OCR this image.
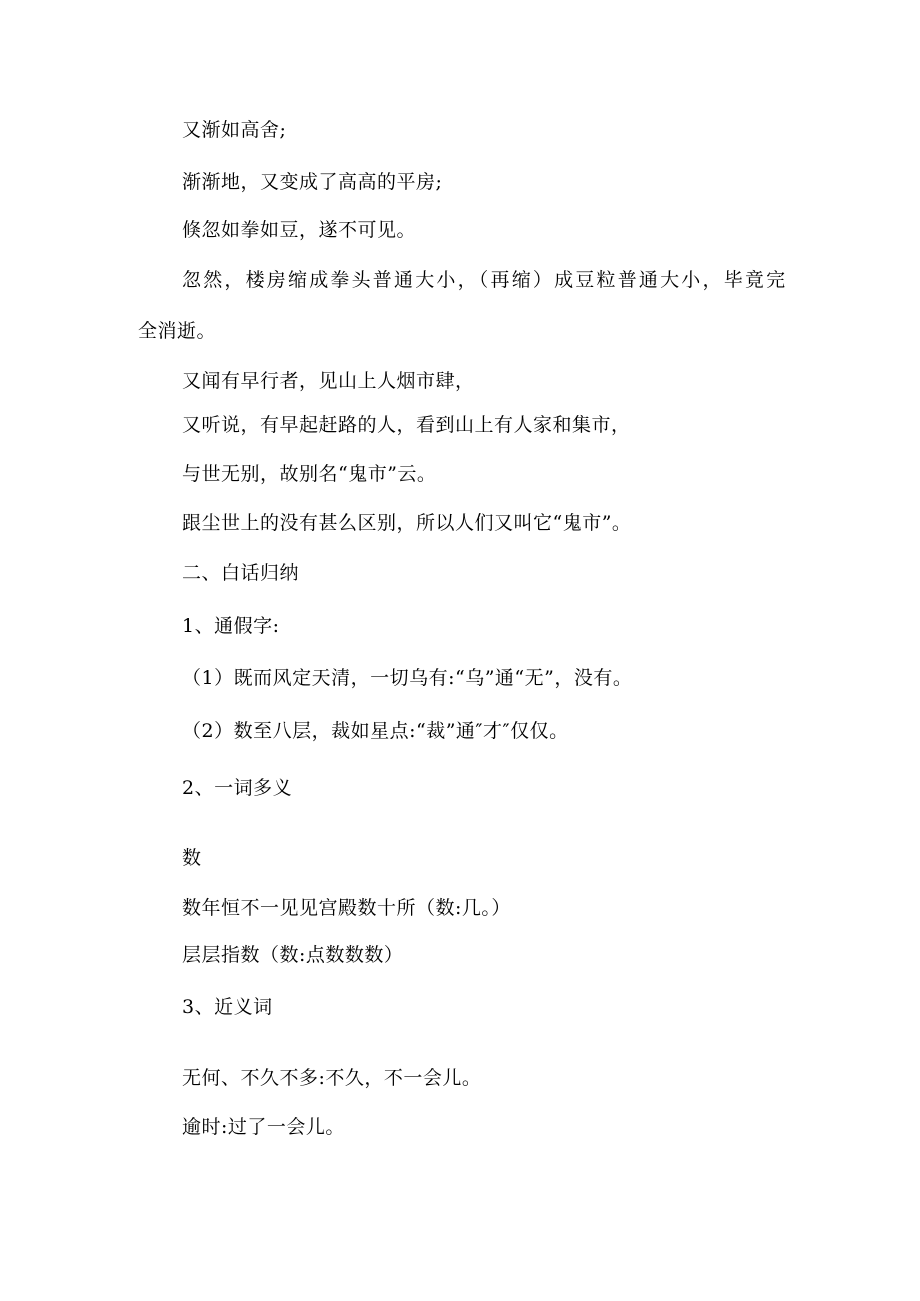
又渐如高舍;
渐渐地，又变成了高高的平房;
倏忽如拳如豆，遂不可见。
忽然，楼房缩成拳头普通大小，（再缩）成豆粒普通大小，毕竟完
全消逝。
又闻有早行者，见山上人烟市肆，
又听说，有早起赶路的人，看到山上有人家和集市，
与世无别，故别名“鬼市”云。
跟尘世上的没有甚么区别，所以人们又叫它“鬼市”。
二、白话归纳
1、通假字:
（1）既而风定天清，一切乌有:“乌”通“无”，没有。
（2）数至八层，裁如星点:“裁”通″才″仅仅。
2、一词多义
数
数年恒不一见见宫殿数十所（数:几。）
层层指数（数:点数数数）
3、近义词
无何、不久不多:不久，不一会儿。
逾时:过了一会儿。
